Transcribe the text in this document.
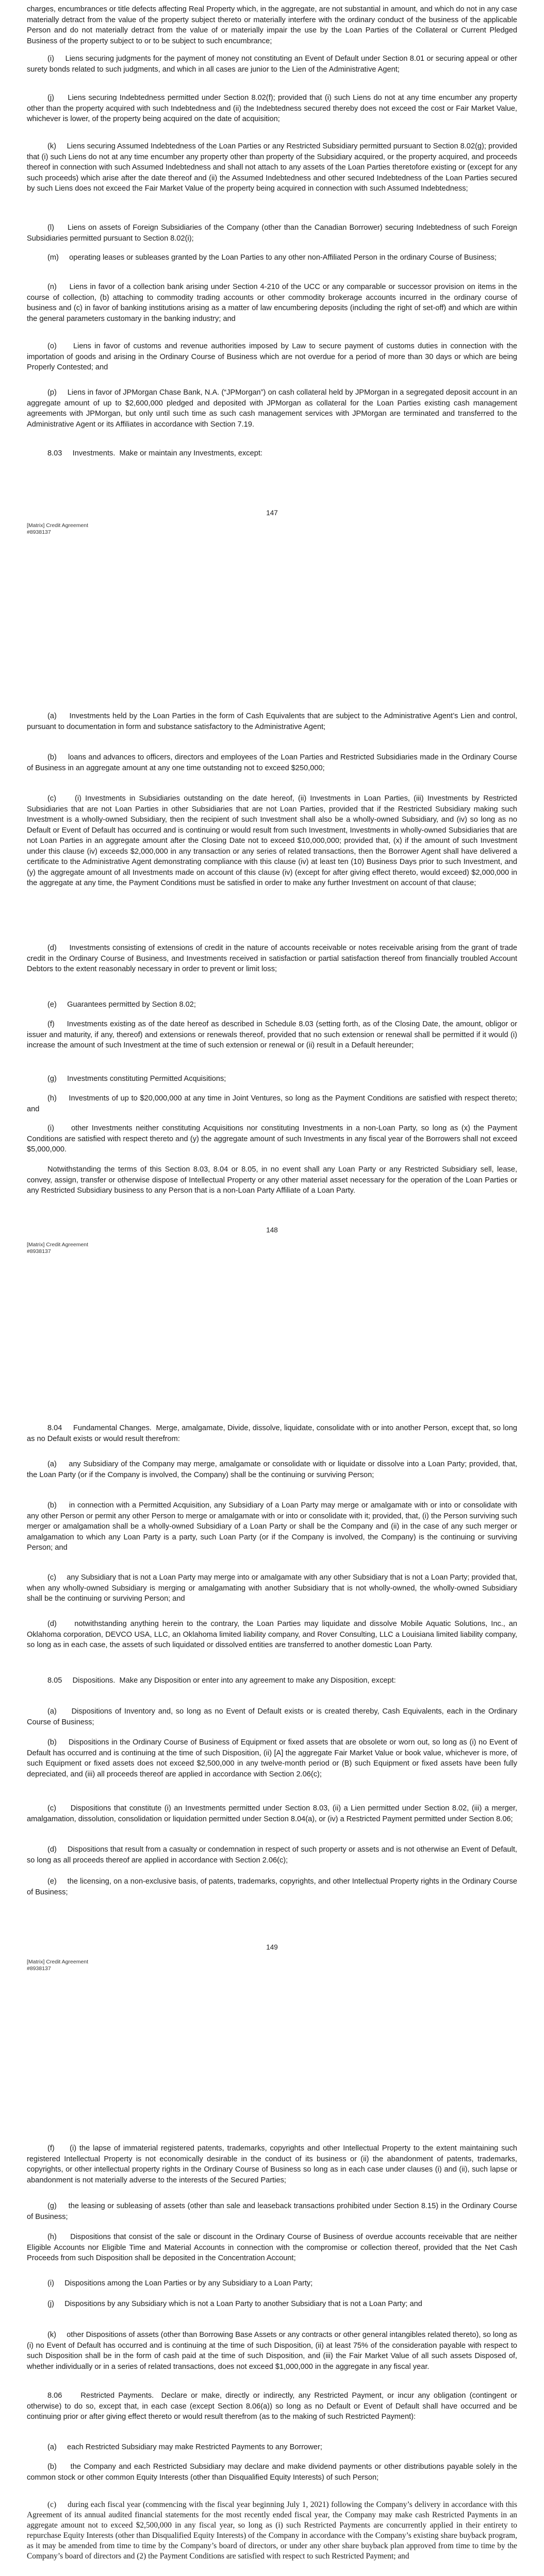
charges, encumbrances or title defects affecting Real Property which, in the aggregate, are not substantial in amount, and which do not in any case materially detract from the value of the property subject thereto or materially interfere with the ordinary conduct of the business of the applicable Person and do not materially detract from the value of or materially impair the use by the Loan Parties of the Collateral or Current Pledged Business of the property subject to or to be subject to such encumbrance;

(i)     Liens securing judgments for the payment of money not constituting an Event of Default under Section 8.01 or securing appeal or other surety bonds related to such judgments, and which in all cases are junior to the Lien of the Administrative Agent;

(j)     Liens securing Indebtedness permitted under Section 8.02(f); provided that (i) such Liens do not at any time encumber any property other than the property acquired with such Indebtedness and (ii) the Indebtedness secured thereby does not exceed the cost or Fair Market Value, whichever is lower, of the property being acquired on the date of acquisition;

(k)     Liens securing Assumed Indebtedness of the Loan Parties or any Restricted Subsidiary permitted pursuant to Section 8.02(g); provided that (i) such Liens do not at any time encumber any property other than property of the Subsidiary acquired, or the property acquired, and proceeds thereof in connection with such Assumed Indebtedness and shall not attach to any assets of the Loan Parties theretofore existing or (except for any such proceeds) which arise after the date thereof and (ii) the Assumed Indebtedness and other secured Indebtedness of the Loan Parties secured by such Liens does not exceed the Fair Market Value of the property being acquired in connection with such Assumed Indebtedness;

(l)     Liens on assets of Foreign Subsidiaries of the Company (other than the Canadian Borrower) securing Indebtedness of such Foreign Subsidiaries permitted pursuant to Section 8.02(i);

(m)     operating leases or subleases granted by the Loan Parties to any other non-Affiliated Person in the ordinary Course of Business;

(n)     Liens in favor of a collection bank arising under Section 4-210 of the UCC or any comparable or successor provision on items in the course of collection, (b) attaching to commodity trading accounts or other commodity brokerage accounts incurred in the ordinary course of business and (c) in favor of banking institutions arising as a matter of law encumbering deposits (including the right of set-off) and which are within the general parameters customary in the banking industry; and

(o)     Liens in favor of customs and revenue authorities imposed by Law to secure payment of customs duties in connection with the importation of goods and arising in the Ordinary Course of Business which are not overdue for a period of more than 30 days or which are being Properly Contested; and

(p)     Liens in favor of JPMorgan Chase Bank, N.A. (“JPMorgan”) on cash collateral held by JPMorgan in a segregated deposit account in an aggregate amount of up to $2,600,000 pledged and deposited with JPMorgan as collateral for the Loan Parties existing cash management agreements with JPMorgan, but only until such time as such cash management services with JPMorgan are terminated and transferred to the Administrative Agent or its Affiliates in accordance with Section 7.19.

8.03     Investments.  Make or maintain any Investments, except:

147
[Matrix] Credit Agreement
#8938137

(a)     Investments held by the Loan Parties in the form of Cash Equivalents that are subject to the Administrative Agent’s Lien and control, pursuant to documentation in form and substance satisfactory to the Administrative Agent;

(b)     loans and advances to officers, directors and employees of the Loan Parties and Restricted Subsidiaries made in the Ordinary Course of Business in an aggregate amount at any one time outstanding not to exceed $250,000;

(c)     (i) Investments in Subsidiaries outstanding on the date hereof, (ii) Investments in Loan Parties, (iii) Investments by Restricted Subsidiaries that are not Loan Parties in other Subsidiaries that are not Loan Parties, provided that if the Restricted Subsidiary making such Investment is a wholly-owned Subsidiary, then the recipient of such Investment shall also be a wholly-owned Subsidiary, and (iv) so long as no Default or Event of Default has occurred and is continuing or would result from such Investment, Investments in wholly-owned Subsidiaries that are not Loan Parties in an aggregate amount after the Closing Date not to exceed $10,000,000; provided that, (x) if the amount of such Investment under this clause (iv) exceeds $2,000,000 in any transaction or any series of related transactions, then the Borrower Agent shall have delivered a certificate to the Administrative Agent demonstrating compliance with this clause (iv) at least ten (10) Business Days prior to such Investment, and (y) the aggregate amount of all Investments made on account of this clause (iv) (except for after giving effect thereto, would exceed) $2,000,000 in the aggregate at any time, the Payment Conditions must be satisfied in order to make any further Investment on account of that clause;

(d)     Investments consisting of extensions of credit in the nature of accounts receivable or notes receivable arising from the grant of trade credit in the Ordinary Course of Business, and Investments received in satisfaction or partial satisfaction thereof from financially troubled Account Debtors to the extent reasonably necessary in order to prevent or limit loss;

(e)     Guarantees permitted by Section 8.02;

(f)     Investments existing as of the date hereof as described in Schedule 8.03 (setting forth, as of the Closing Date, the amount, obligor or issuer and maturity, if any, thereof) and extensions or renewals thereof, provided that no such extension or renewal shall be permitted if it would (i) increase the amount of such Investment at the time of such extension or renewal or (ii) result in a Default hereunder;

(g)     Investments constituting Permitted Acquisitions;

(h)     Investments of up to $20,000,000 at any time in Joint Ventures, so long as the Payment Conditions are satisfied with respect thereto; and

(i)     other Investments neither constituting Acquisitions nor constituting Investments in a non-Loan Party, so long as (x) the Payment Conditions are satisfied with respect thereto and (y) the aggregate amount of such Investments in any fiscal year of the Borrowers shall not exceed $5,000,000.

Notwithstanding the terms of this Section 8.03, 8.04 or 8.05, in no event shall any Loan Party or any Restricted Subsidiary sell, lease, convey, assign, transfer or otherwise dispose of Intellectual Property or any other material asset necessary for the operation of the Loan Parties or any Restricted Subsidiary business to any Person that is a non-Loan Party Affiliate of a Loan Party.

148
[Matrix] Credit Agreement
#8938137

8.04     Fundamental Changes.  Merge, amalgamate, Divide, dissolve, liquidate, consolidate with or into another Person, except that, so long as no Default exists or would result therefrom:

(a)     any Subsidiary of the Company may merge, amalgamate or consolidate with or liquidate or dissolve into a Loan Party; provided, that, the Loan Party (or if the Company is involved, the Company) shall be the continuing or surviving Person;

(b)     in connection with a Permitted Acquisition, any Subsidiary of a Loan Party may merge or amalgamate with or into or consolidate with any other Person or permit any other Person to merge or amalgamate with or into or consolidate with it; provided, that, (i) the Person surviving such merger or amalgamation shall be a wholly-owned Subsidiary of a Loan Party or shall be the Company and (ii) in the case of any such merger or amalgamation to which any Loan Party is a party, such Loan Party (or if the Company is involved, the Company) is the continuing or surviving Person; and

(c)     any Subsidiary that is not a Loan Party may merge into or amalgamate with any other Subsidiary that is not a Loan Party; provided that, when any wholly-owned Subsidiary is merging or amalgamating with another Subsidiary that is not wholly-owned, the wholly-owned Subsidiary shall be the continuing or surviving Person; and

(d)     notwithstanding anything herein to the contrary, the Loan Parties may liquidate and dissolve Mobile Aquatic Solutions, Inc., an Oklahoma corporation, DEVCO USA, LLC, an Oklahoma limited liability company, and Rover Consulting, LLC a Louisiana limited liability company, so long as in each case, the assets of such liquidated or dissolved entities are transferred to another domestic Loan Party.

8.05     Dispositions.  Make any Disposition or enter into any agreement to make any Disposition, except:

(a)     Dispositions of Inventory and, so long as no Event of Default exists or is created thereby, Cash Equivalents, each in the Ordinary Course of Business;

(b)     Dispositions in the Ordinary Course of Business of Equipment or fixed assets that are obsolete or worn out, so long as (i) no Event of Default has occurred and is continuing at the time of such Disposition, (ii) [A] the aggregate Fair Market Value or book value, whichever is more, of such Equipment or fixed assets does not exceed $2,500,000 in any twelve-month period or (B) such Equipment or fixed assets have been fully depreciated, and (iii) all proceeds thereof are applied in accordance with Section 2.06(c);

(c)     Dispositions that constitute (i) an Investments permitted under Section 8.03, (ii) a Lien permitted under Section 8.02, (iii) a merger, amalgamation, dissolution, consolidation or liquidation permitted under Section 8.04(a), or (iv) a Restricted Payment permitted under Section 8.06;

(d)     Dispositions that result from a casualty or condemnation in respect of such property or assets and is not otherwise an Event of Default, so long as all proceeds thereof are applied in accordance with Section 2.06(c);

(e)     the licensing, on a non-exclusive basis, of patents, trademarks, copyrights, and other Intellectual Property rights in the Ordinary Course of Business;

149
[Matrix] Credit Agreement
#8938137

(f)     (i) the lapse of immaterial registered patents, trademarks, copyrights and other Intellectual Property to the extent maintaining such registered Intellectual Property is not economically desirable in the conduct of its business or (ii) the abandonment of patents, trademarks, copyrights, or other intellectual property rights in the Ordinary Course of Business so long as in each case under clauses (i) and (ii), such lapse or abandonment is not materially adverse to the interests of the Secured Parties;

(g)     the leasing or subleasing of assets (other than sale and leaseback transactions prohibited under Section 8.15) in the Ordinary Course of Business;

(h)     Dispositions that consist of the sale or discount in the Ordinary Course of Business of overdue accounts receivable that are neither Eligible Accounts nor Eligible Time and Material Accounts in connection with the compromise or collection thereof, provided that the Net Cash Proceeds from such Disposition shall be deposited in the Concentration Account;

(i)     Dispositions among the Loan Parties or by any Subsidiary to a Loan Party;

(j)     Dispositions by any Subsidiary which is not a Loan Party to another Subsidiary that is not a Loan Party; and

(k)     other Dispositions of assets (other than Borrowing Base Assets or any contracts or other general intangibles related thereto), so long as (i) no Event of Default has occurred and is continuing at the time of such Disposition, (ii) at least 75% of the consideration payable with respect to such Disposition shall be in the form of cash paid at the time of such Disposition, and (iii) the Fair Market Value of all such assets Disposed of, whether individually or in a series of related transactions, does not exceed $1,000,000 in the aggregate in any fiscal year.

8.06     Restricted Payments.  Declare or make, directly or indirectly, any Restricted Payment, or incur any obligation (contingent or otherwise) to do so, except that, in each case (except Section 8.06(a)) so long as no Default or Event of Default shall have occurred and be continuing prior or after giving effect thereto or would result therefrom (as to the making of such Restricted Payment):

(a)     each Restricted Subsidiary may make Restricted Payments to any Borrower;

(b)     the Company and each Restricted Subsidiary may declare and make dividend payments or other distributions payable solely in the common stock or other common Equity Interests (other than Disqualified Equity Interests) of such Person;

(c)     during each fiscal year (commencing with the fiscal year beginning July 1, 2021) following the Company’s delivery in accordance with this Agreement of its annual audited financial statements for the most recently ended fiscal year, the Company may make cash Restricted Payments in an aggregate amount not to exceed $2,500,000 in any fiscal year, so long as (i) such Restricted Payments are concurrently applied in their entirety to repurchase Equity Interests (other than Disqualified Equity Interests) of the Company in accordance with the Company’s existing share buyback program, as it may be amended from time to time by the Company’s board of directors, or under any other share buyback plan approved from time to time by the Company’s board of directors and (2) the Payment Conditions are satisfied with respect to such Restricted Payment; and
